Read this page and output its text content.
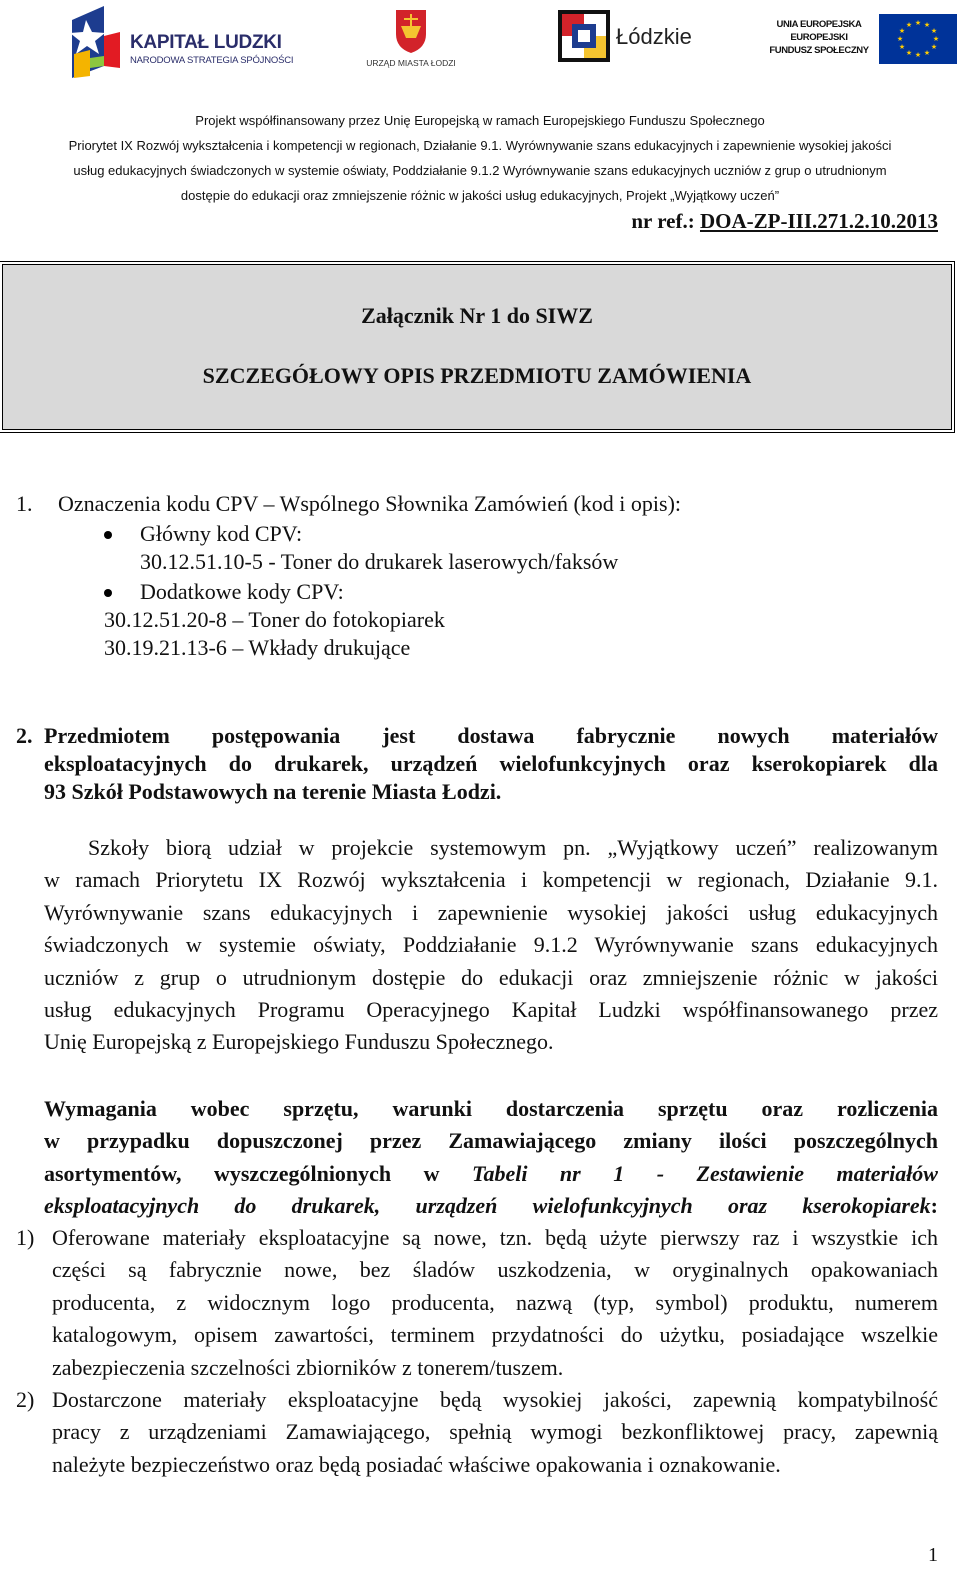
KAPITAŁ LUDZKI
NARODOWA STRATEGIA SPÓJNOŚCI	URZĄD MIASTA ŁODZI
Łódzkie	UNIA EUROPEJSKA
EUROPEJSKI
FUNDUSZ SPOŁECZNY
★ ★
★
★
★
★
★
★
★
★
★
★
Projekt współfinansowany przez Unię Europejską w ramach Europejskiego Funduszu Społecznego
Priorytet IX Rozwój wykształcenia i kompetencji w regionach, Działanie 9.1. Wyrównywanie szans edukacyjnych i zapewnienie wysokiej jakości
usług edukacyjnych świadczonych w systemie oświaty, Poddziałanie 9.1.2 Wyrównywanie szans edukacyjnych uczniów z grup o utrudnionym
dostępie do edukacji oraz zmniejszenie różnic w jakości usług edukacyjnych, Projekt „Wyjątkowy uczeń”
nr ref.: DOA-ZP-III.271.2.10.2013
Załącznik Nr 1 do SIWZ
SZCZEGÓŁOWY OPIS PRZEDMIOTU ZAMÓWIENIA
1. Oznaczenia kodu CPV – Wspólnego Słownika Zamówień (kod i opis):
Główny kod CPV:
30.12.51.10-5 - Toner do drukarek laserowych/faksów
Dodatkowe kody CPV:
30.12.51.20-8 – Toner do fotokopiarek
30.19.21.13-6 – Wkłady drukujące
2. Przedmiotem postępowania jest dostawa fabrycznie nowych materiałów
eksploatacyjnych do drukarek, urządzeń wielofunkcyjnych oraz kserokopiarek dla
93 Szkół Podstawowych na terenie Miasta Łodzi.
Szkoły biorą udział w projekcie systemowym pn. „Wyjątkowy uczeń” realizowanym
w ramach Priorytetu IX Rozwój wykształcenia i kompetencji w regionach, Działanie 9.1.
Wyrównywanie szans edukacyjnych i zapewnienie wysokiej jakości usług edukacyjnych
świadczonych w systemie oświaty, Poddziałanie 9.1.2 Wyrównywanie szans edukacyjnych
uczniów z grup o utrudnionym dostępie do edukacji oraz zmniejszenie różnic w jakości
usług edukacyjnych Programu Operacyjnego Kapitał Ludzki współfinansowanego przez
Unię Europejską z Europejskiego Funduszu Społecznego.
Wymagania wobec sprzętu, warunki dostarczenia sprzętu oraz rozliczenia
w przypadku dopuszczonej przez Zamawiającego zmiany ilości poszczególnych
asortymentów, wyszczególnionych w Tabeli nr 1 - Zestawienie materiałów
eksploatacyjnych do drukarek, urządzeń wielofunkcyjnych oraz kserokopiarek:
1) Oferowane materiały eksploatacyjne są nowe, tzn. będą użyte pierwszy raz i wszystkie ich
części są fabrycznie nowe, bez śladów uszkodzenia, w oryginalnych opakowaniach
producenta, z widocznym logo producenta, nazwą (typ, symbol) produktu, numerem
katalogowym, opisem zawartości, terminem przydatności do użytku, posiadające wszelkie
zabezpieczenia szczelności zbiorników z tonerem/tuszem.
2) Dostarczone materiały eksploatacyjne będą wysokiej jakości, zapewnią kompatybilność
pracy z urządzeniami Zamawiającego, spełnią wymogi bezkonfliktowej pracy, zapewnią
należyte bezpieczeństwo oraz będą posiadać właściwe opakowania i oznakowanie.
1
